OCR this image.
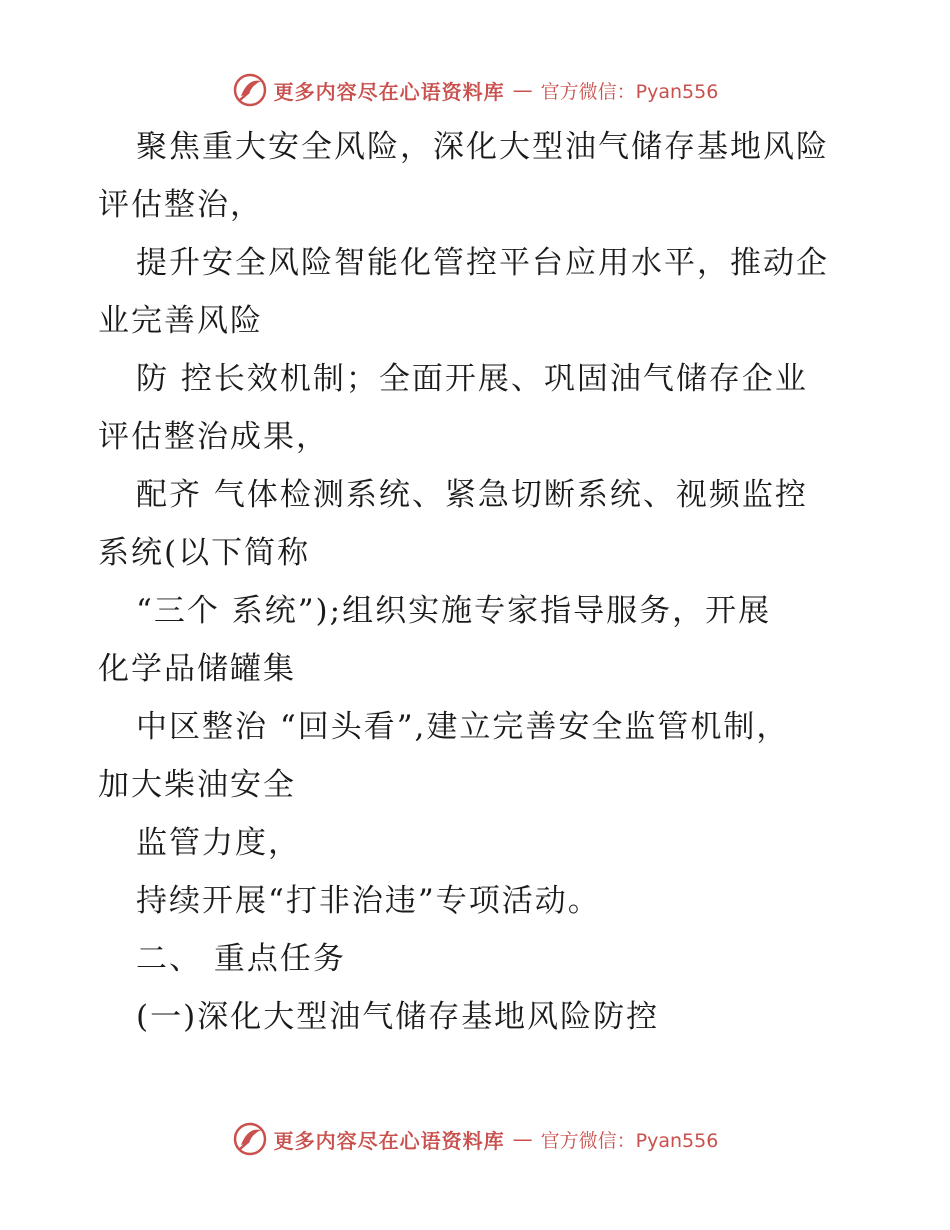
更多内容尽在心语资料库 — 官方微信：Pyan556
聚焦重大安全风险，深化大型油气储存基地风险
评估整治，
提升安全风险智能化管控平台应用水平，推动企
业完善风险
防 控长效机制；全面开展、巩固油气储存企业
评估整治成果，
配齐 气体检测系统、紧急切断系统、视频监控
系统(以下简称
“三个 系统”);组织实施专家指导服务，开展
化学品储罐集
中区整治 “回头看”,建立完善安全监管机制，
加大柴油安全
监管力度，
持续开展“打非治违”专项活动。
二、 重点任务
(一)深化大型油气储存基地风险防控
更多内容尽在心语资料库 — 官方微信：Pyan556
